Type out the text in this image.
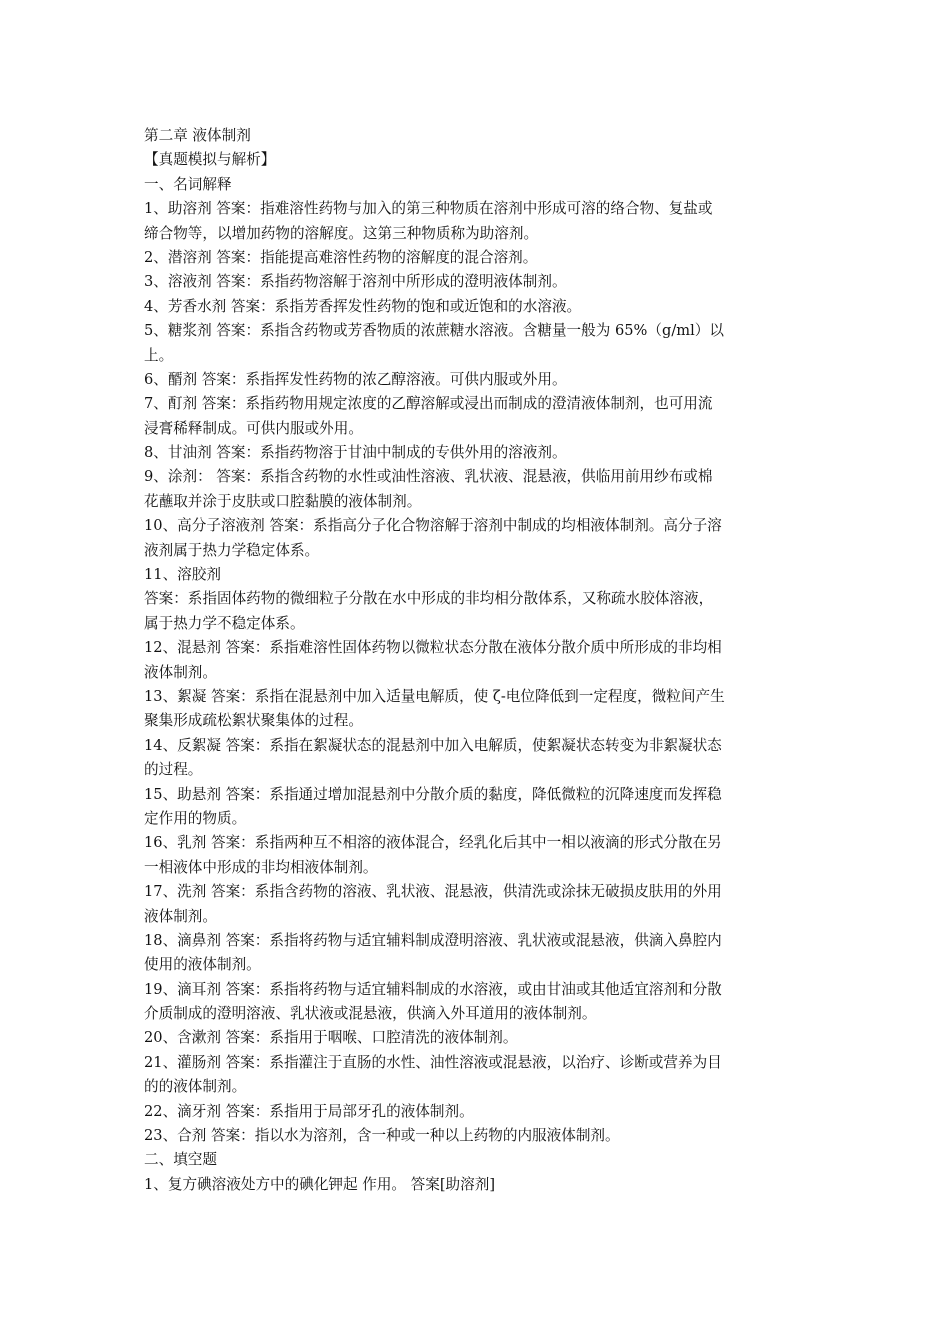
第二章 液体制剂
【真题模拟与解析】
一、名词解释
1、助溶剂 答案：指难溶性药物与加入的第三种物质在溶剂中形成可溶的络合物、复盐或
缔合物等，以增加药物的溶解度。这第三种物质称为助溶剂。
2、潜溶剂 答案：指能提高难溶性药物的溶解度的混合溶剂。
3、溶液剂 答案：系指药物溶解于溶剂中所形成的澄明液体制剂。
4、芳香水剂 答案：系指芳香挥发性药物的饱和或近饱和的水溶液。
5、糖浆剂 答案：系指含药物或芳香物质的浓蔗糖水溶液。含糖量一般为 65%（g/ml）以
上。
6、醑剂 答案：系指挥发性药物的浓乙醇溶液。可供内服或外用。
7、酊剂 答案：系指药物用规定浓度的乙醇溶解或浸出而制成的澄清液体制剂，也可用流
浸膏稀释制成。可供内服或外用。
8、甘油剂 答案：系指药物溶于甘油中制成的专供外用的溶液剂。
9、涂剂： 答案：系指含药物的水性或油性溶液、乳状液、混悬液，供临用前用纱布或棉
花蘸取并涂于皮肤或口腔黏膜的液体制剂。
10、高分子溶液剂 答案：系指高分子化合物溶解于溶剂中制成的均相液体制剂。高分子溶
液剂属于热力学稳定体系。
11、溶胶剂
答案：系指固体药物的微细粒子分散在水中形成的非均相分散体系，又称疏水胶体溶液，
属于热力学不稳定体系。
12、混悬剂 答案：系指难溶性固体药物以微粒状态分散在液体分散介质中所形成的非均相
液体制剂。
13、絮凝 答案：系指在混悬剂中加入适量电解质，使 ζ-电位降低到一定程度，微粒间产生
聚集形成疏松絮状聚集体的过程。
14、反絮凝 答案：系指在絮凝状态的混悬剂中加入电解质，使絮凝状态转变为非絮凝状态
的过程。
15、助悬剂 答案：系指通过增加混悬剂中分散介质的黏度，降低微粒的沉降速度而发挥稳
定作用的物质。
16、乳剂 答案：系指两种互不相溶的液体混合，经乳化后其中一相以液滴的形式分散在另
一相液体中形成的非均相液体制剂。
17、洗剂 答案：系指含药物的溶液、乳状液、混悬液，供清洗或涂抹无破损皮肤用的外用
液体制剂。
18、滴鼻剂 答案：系指将药物与适宜辅料制成澄明溶液、乳状液或混悬液，供滴入鼻腔内
使用的液体制剂。
19、滴耳剂 答案：系指将药物与适宜辅料制成的水溶液，或由甘油或其他适宜溶剂和分散
介质制成的澄明溶液、乳状液或混悬液，供滴入外耳道用的液体制剂。
20、含漱剂 答案：系指用于咽喉、口腔清洗的液体制剂。
21、灌肠剂 答案：系指灌注于直肠的水性、油性溶液或混悬液，以治疗、诊断或营养为目
的的液体制剂。
22、滴牙剂 答案：系指用于局部牙孔的液体制剂。
23、合剂 答案：指以水为溶剂，含一种或一种以上药物的内服液体制剂。
二、填空题
1、复方碘溶液处方中的碘化钾起 作用。 答案[助溶剂]
